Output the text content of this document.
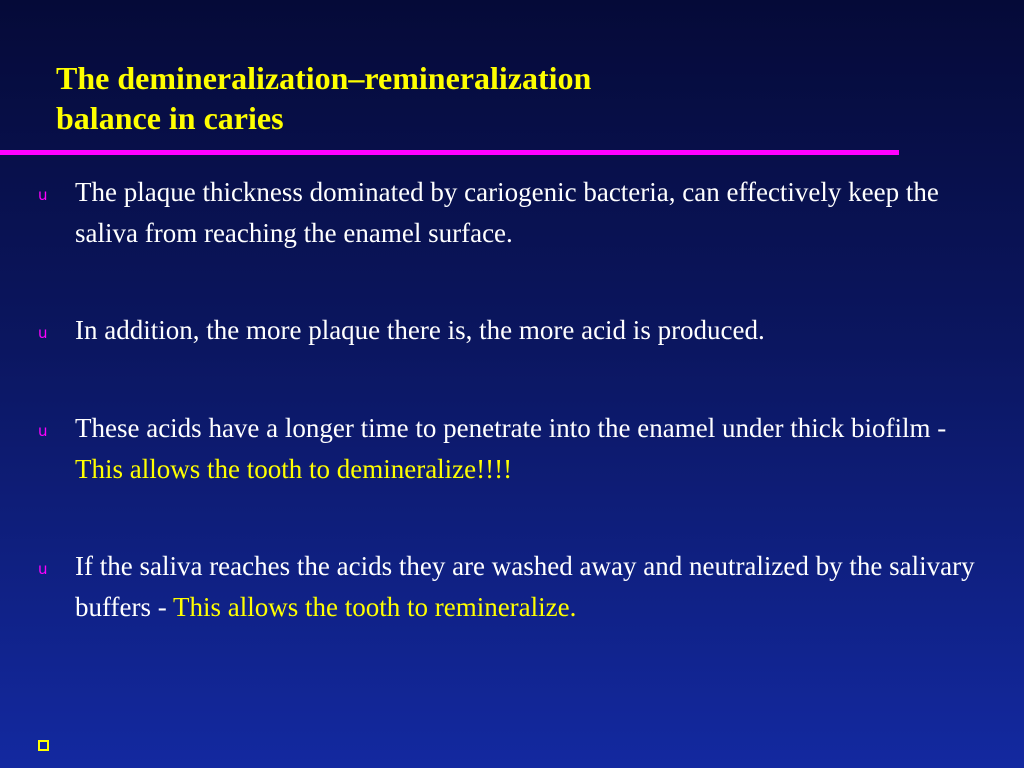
The demineralization–remineralization
balance in caries
u The plaque thickness dominated by cariogenic bacteria, can effectively keep the saliva from reaching the enamel surface.
u In addition, the more plaque there is, the more acid is produced.
u These acids have a longer time to penetrate into the enamel under thick biofilm - This allows the tooth to demineralize!!!!
u If the saliva reaches the acids they are washed away and neutralized by the salivary buffers - This allows the tooth to remineralize.
